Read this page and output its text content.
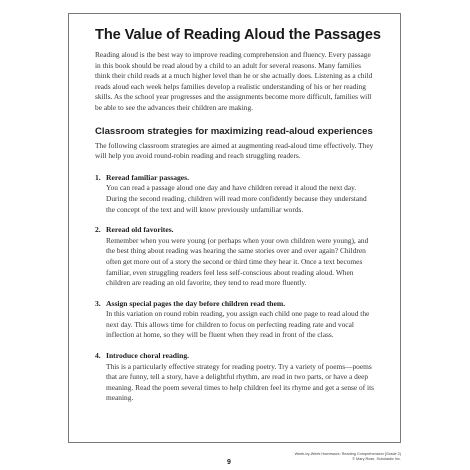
The Value of Reading Aloud the Passages

Reading aloud is the best way to improve reading comprehension and fluency. Every passage in this book should be read aloud by a child to an adult for several reasons. Many families think their child reads at a much higher level than he or she actually does. Listening as a child reads aloud each week helps families develop a realistic understanding of his or her reading skills. As the school year progresses and the assignments become more difficult, families will be able to see the advances their children are making.

Classroom strategies for maximizing read-aloud experiences

The following classroom strategies are aimed at augmenting read-aloud time effectively. They will help you avoid round-robin reading and reach struggling readers.

1. Reread familiar passages.

You can read a passage aloud one day and have children reread it aloud the next day. During the second reading, children will read more confidently because they understand the concept of the text and will know previously unfamiliar words.

2. Reread old favorites.

Remember when you were young (or perhaps when your own children were young), and the best thing about reading was hearing the same stories over and over again? Children often get more out of a story the second or third time they hear it. Once a text becomes familiar, even struggling readers feel less self-conscious about reading aloud. When children are reading an old favorite, they tend to read more fluently.

3. Assign special pages the day before children read them.

In this variation on round robin reading, you assign each child one page to read aloud the next day. This allows time for children to focus on perfecting reading rate and vocal inflection at home, so they will be fluent when they read in front of the class.

4. Introduce choral reading.

This is a particularly effective strategy for reading poetry. Try a variety of poems—poems that are funny, tell a story, have a delightful rhythm, are read in two parts, or have a deep meaning. Read the poem several times to help children feel its rhyme and get a sense of its meaning.

9
Week-by-Week Homework: Reading Comprehension (Grade 2)
© Mary Rose, Scholastic Inc.
